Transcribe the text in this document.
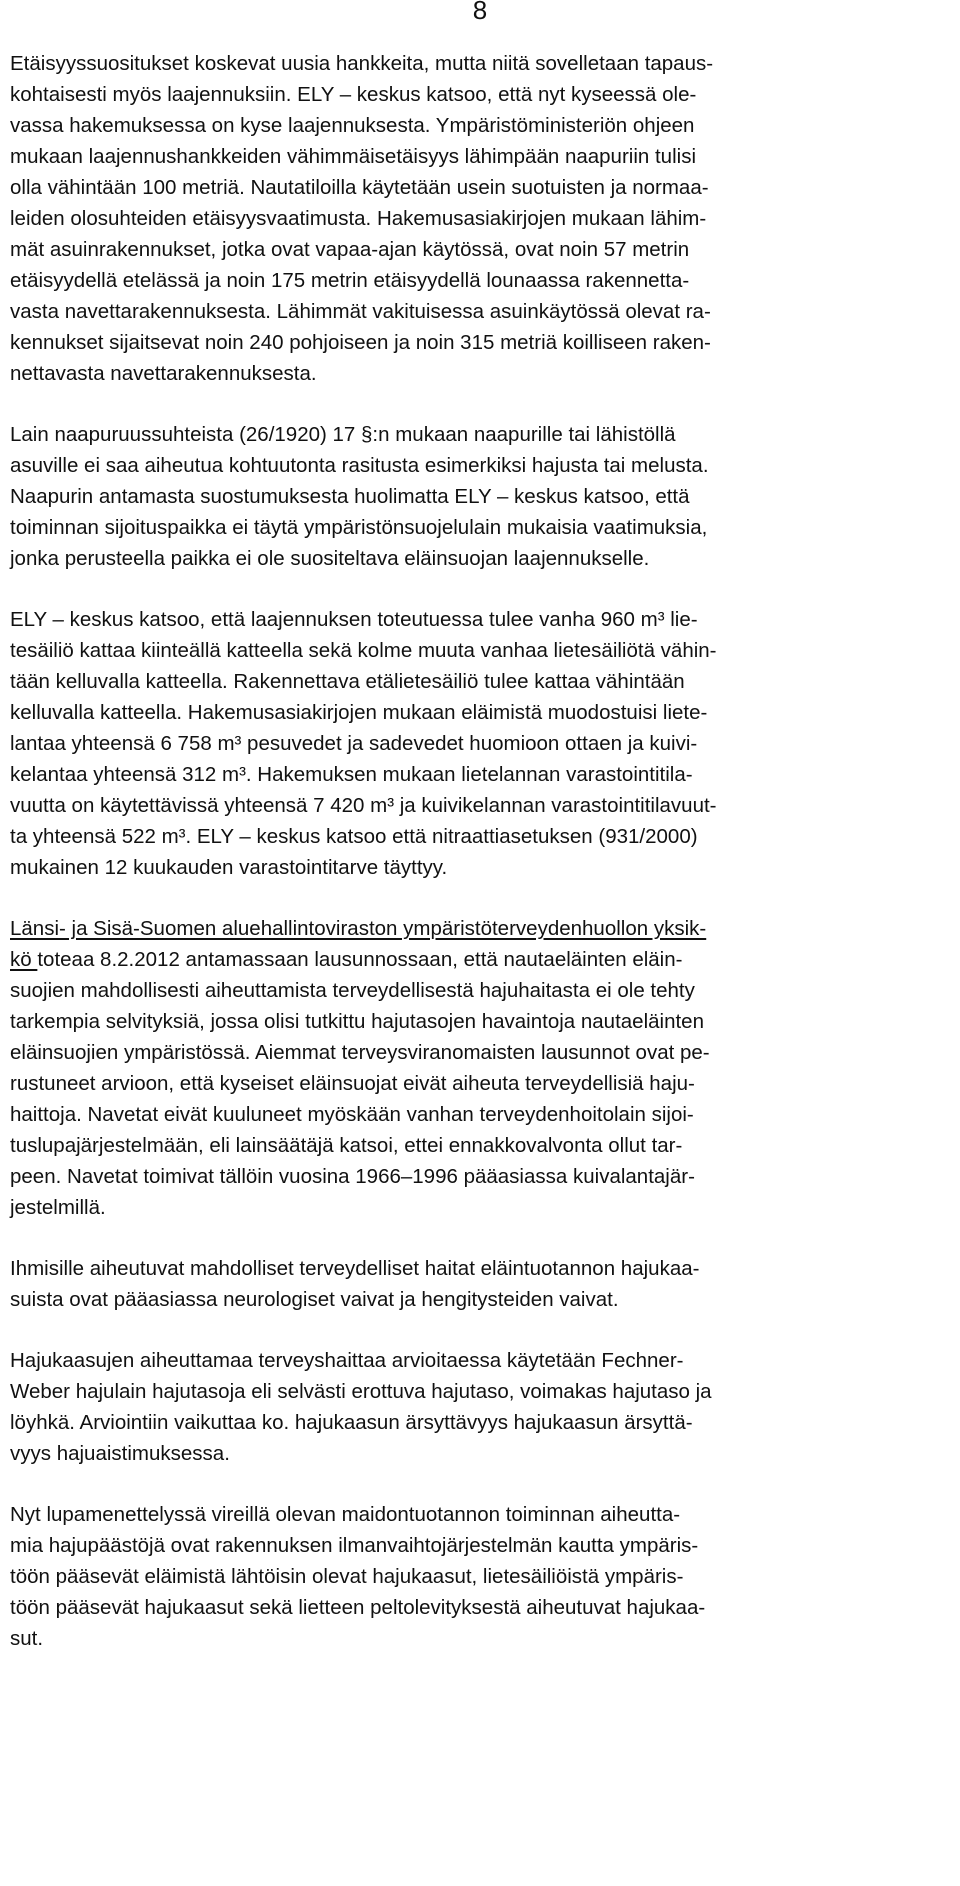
8

Etäisyyssuositukset koskevat uusia hankkeita, mutta niitä sovelletaan tapaus-
kohtaisesti myös laajennuksiin. ELY – keskus katsoo, että nyt kyseessä ole-
vassa hakemuksessa on kyse laajennuksesta. Ympäristöministeriön ohjeen
mukaan laajennushankkeiden vähimmäisetäisyys lähimpään naapuriin tulisi
olla vähintään 100 metriä. Nautatiloilla käytetään usein suotuisten ja normaa-
leiden olosuhteiden etäisyysvaatimusta. Hakemusasiakirjojen mukaan lähim-
mät asuinrakennukset, jotka ovat vapaa-ajan käytössä, ovat noin 57 metrin
etäisyydellä etelässä ja noin 175 metrin etäisyydellä lounaassa rakennetta-
vasta navettarakennuksesta. Lähimmät vakituisessa asuinkäytössä olevat ra-
kennukset sijaitsevat noin 240 pohjoiseen ja noin 315 metriä koilliseen raken-
nettavasta navettarakennuksesta.

Lain naapuruussuhteista (26/1920) 17 §:n mukaan naapurille tai lähistöllä
asuville ei saa aiheutua kohtuutonta rasitusta esimerkiksi hajusta tai melusta.
Naapurin antamasta suostumuksesta huolimatta ELY – keskus katsoo, että
toiminnan sijoituspaikka ei täytä ympäristönsuojelulain mukaisia vaatimuksia,
jonka perusteella paikka ei ole suositeltava eläinsuojan laajennukselle.

ELY – keskus katsoo, että laajennuksen toteutuessa tulee vanha 960 m³ lie-
tesäiliö kattaa kiinteällä katteella sekä kolme muuta vanhaa lietesäiliötä vähin-
tään kelluvalla katteella. Rakennettava etälietesäiliö tulee kattaa vähintään
kelluvalla katteella. Hakemusasiakirjojen mukaan eläimistä muodostuisi liete-
lantaa yhteensä 6 758 m³ pesuvedet ja sadevedet huomioon ottaen ja kuivi-
kelantaa yhteensä 312 m³. Hakemuksen mukaan lietelannan varastointitila-
vuutta on käytettävissä yhteensä 7 420 m³ ja kuivikelannan varastointitilavuut-
ta yhteensä 522 m³. ELY – keskus katsoo että nitraattiasetuksen (931/2000)
mukainen 12 kuukauden varastointitarve täyttyy.

Länsi- ja Sisä-Suomen aluehallintoviraston ympäristöterveydenhuollon yksik-
kö toteaa 8.2.2012 antamassaan lausunnossaan, että nautaeläinten eläin-
suojien mahdollisesti aiheuttamista terveydellisestä hajuhaitasta ei ole tehty
tarkempia selvityksiä, jossa olisi tutkittu hajutasojen havaintoja nautaeläinten
eläinsuojien ympäristössä. Aiemmat terveysviranomaisten lausunnot ovat pe-
rustuneet arvioon, että kyseiset eläinsuojat eivät aiheuta terveydellisiä haju-
haittoja. Navetat eivät kuuluneet myöskään vanhan terveydenhoitolain sijoi-
tuslupajärjestelmään, eli lainsäätäjä katsoi, ettei ennakkovalvonta ollut tar-
peen. Navetat toimivat tällöin vuosina 1966–1996 pääasiassa kuivalantajär-
jestelmillä.

Ihmisille aiheutuvat mahdolliset terveydelliset haitat eläintuotannon hajukaa-
suista ovat pääasiassa neurologiset vaivat ja hengitysteiden vaivat.

Hajukaasujen aiheuttamaa terveyshaittaa arvioitaessa käytetään Fechner-
Weber hajulain hajutasoja eli selvästi erottuva hajutaso, voimakas hajutaso ja
löyhkä. Arviointiin vaikuttaa ko. hajukaasun ärsyttävyys hajukaasun ärsyttä-
vyys hajuaistimuksessa.

Nyt lupamenettelyssä vireillä olevan maidontuotannon toiminnan aiheutta-
mia hajupäästöjä ovat rakennuksen ilmanvaihtojärjestelmän kautta ympäris-
töön pääsevät eläimistä lähtöisin olevat hajukaasut, lietesäiliöistä ympäris-
töön pääsevät hajukaasut sekä lietteen peltolevityksestä aiheutuvat hajukaa-
sut.
